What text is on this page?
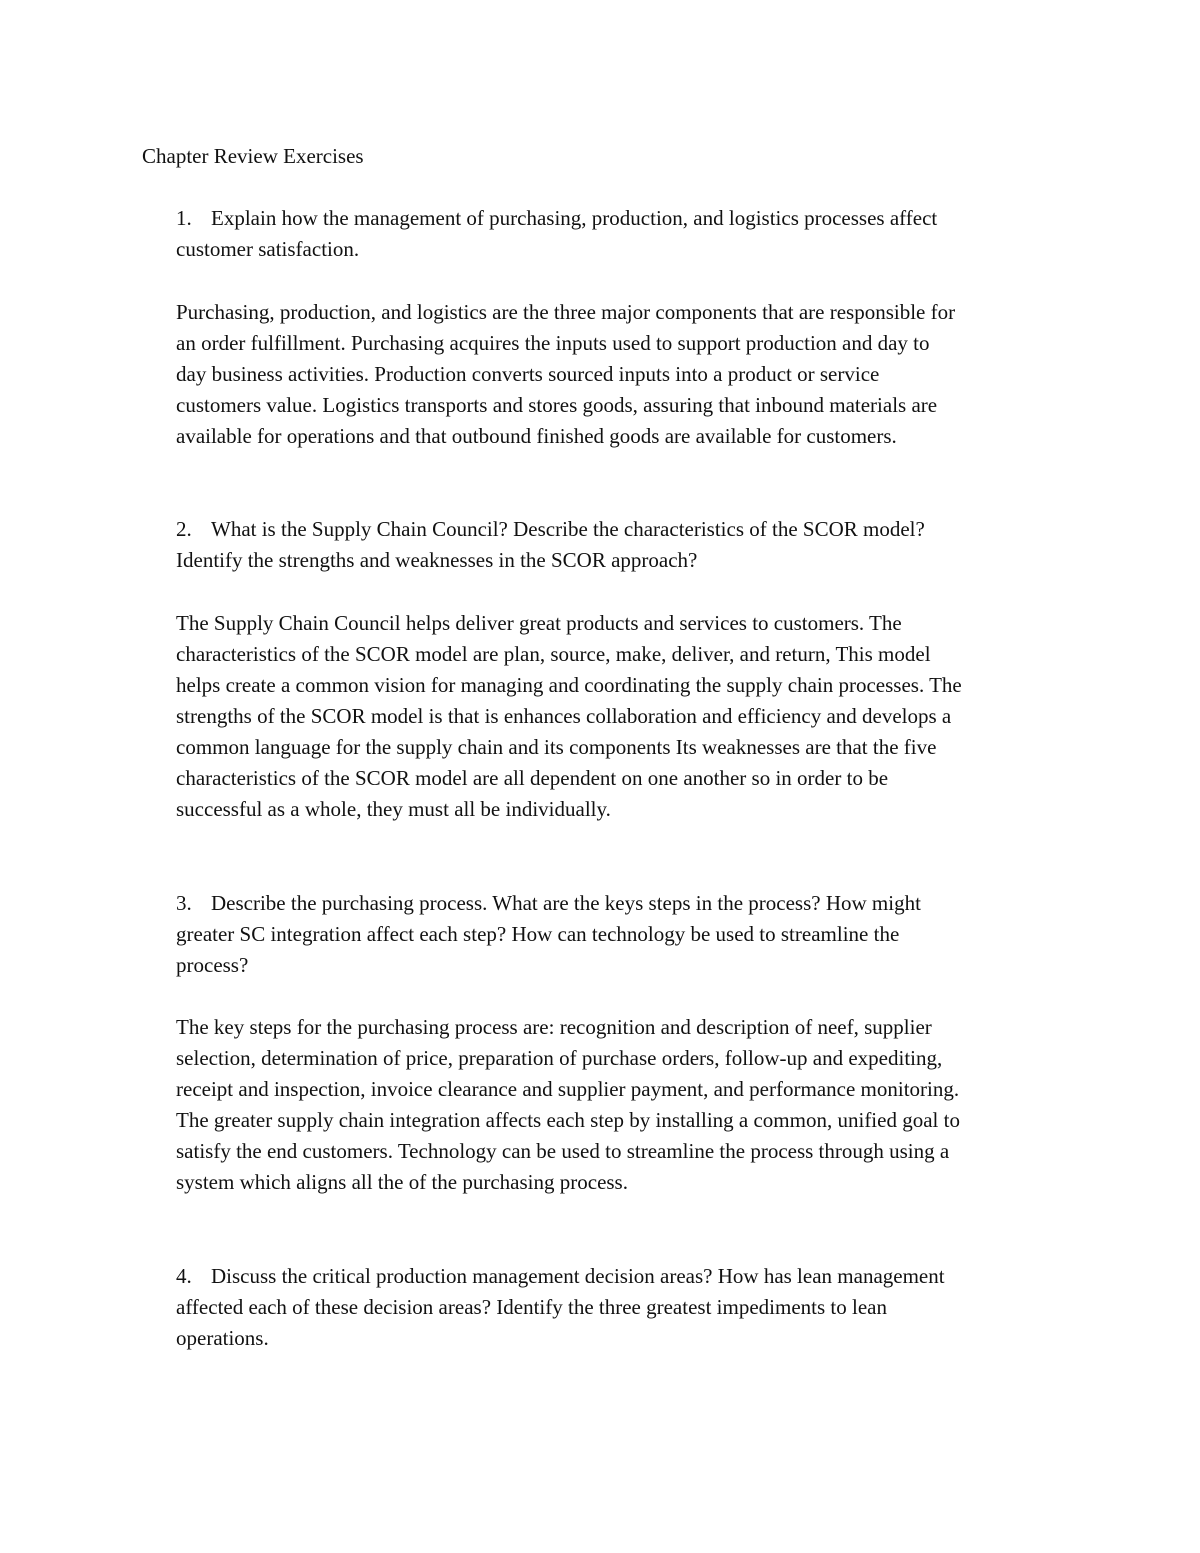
Chapter Review Exercises
1. Explain how the management of purchasing, production, and logistics processes affect
customer satisfaction.
Purchasing, production, and logistics are the three major components that are responsible for
an order fulfillment. Purchasing acquires the inputs used to support production and day to
day business activities. Production converts sourced inputs into a product or service
customers value. Logistics transports and stores goods, assuring that inbound materials are
available for operations and that outbound finished goods are available for customers.
2. What is the Supply Chain Council? Describe the characteristics of the SCOR model?
Identify the strengths and weaknesses in the SCOR approach?
The Supply Chain Council helps deliver great products and services to customers. The
characteristics of the SCOR model are plan, source, make, deliver, and return, This model
helps create a common vision for managing and coordinating the supply chain processes. The
strengths of the SCOR model is that is enhances collaboration and efficiency and develops a
common language for the supply chain and its components Its weaknesses are that the five
characteristics of the SCOR model are all dependent on one another so in order to be
successful as a whole, they must all be individually.
3. Describe the purchasing process. What are the keys steps in the process? How might
greater SC integration affect each step? How can technology be used to streamline the
process?
The key steps for the purchasing process are: recognition and description of neef, supplier
selection, determination of price, preparation of purchase orders, follow-up and expediting,
receipt and inspection, invoice clearance and supplier payment, and performance monitoring.
The greater supply chain integration affects each step by installing a common, unified goal to
satisfy the end customers. Technology can be used to streamline the process through using a
system which aligns all the of the purchasing process.
4. Discuss the critical production management decision areas? How has lean management
affected each of these decision areas? Identify the three greatest impediments to lean
operations.
